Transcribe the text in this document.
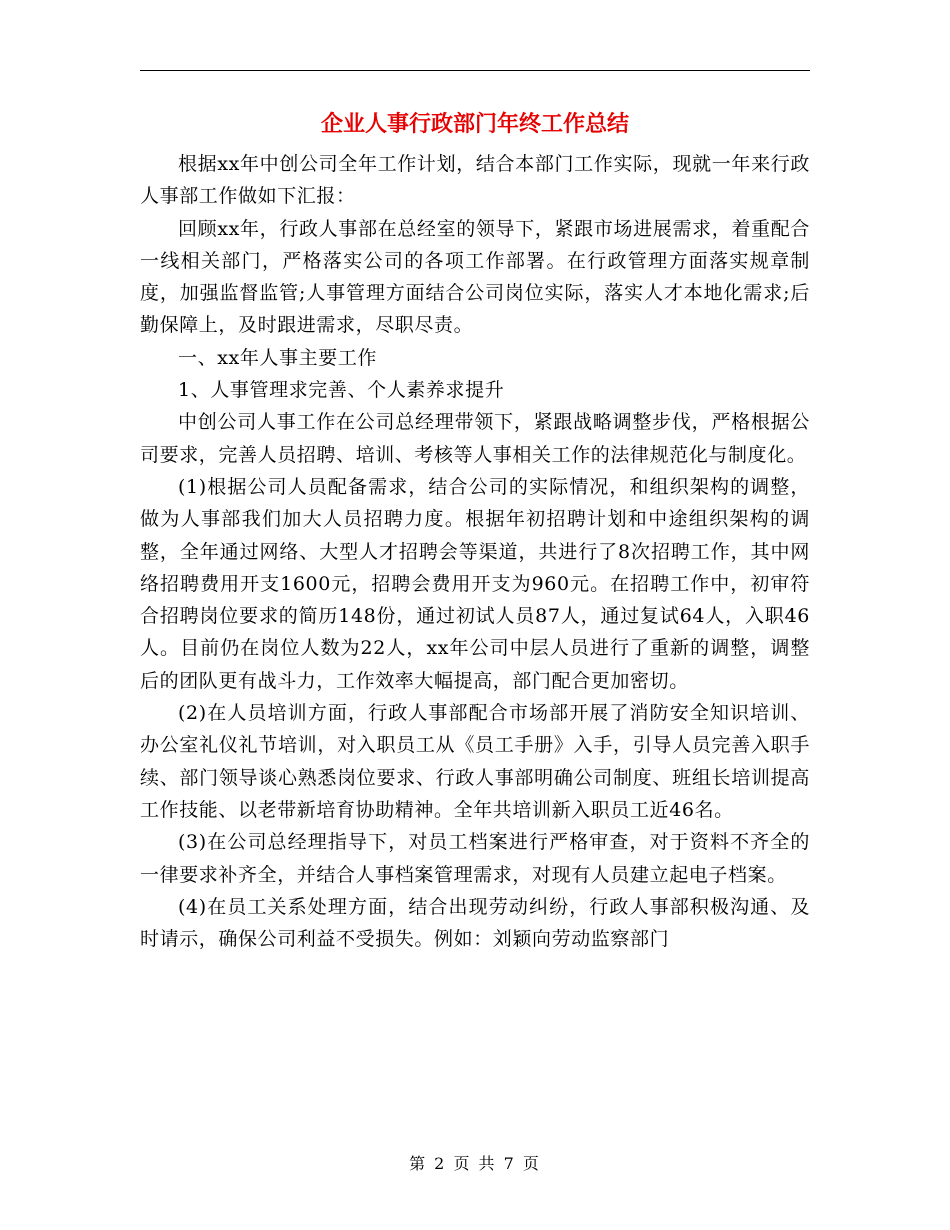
企业人事行政部门年终工作总结

根据xx年中创公司全年工作计划，结合本部门工作实际，现就一年来行政人事部工作做如下汇报：

回顾xx年，行政人事部在总经室的领导下，紧跟市场进展需求，着重配合一线相关部门，严格落实公司的各项工作部署。在行政管理方面落实规章制度，加强监督监管;人事管理方面结合公司岗位实际，落实人才本地化需求;后勤保障上，及时跟进需求，尽职尽责。

一、xx年人事主要工作

1、人事管理求完善、个人素养求提升

中创公司人事工作在公司总经理带领下，紧跟战略调整步伐，严格根据公司要求，完善人员招聘、培训、考核等人事相关工作的法律规范化与制度化。

(1)根据公司人员配备需求，结合公司的实际情况，和组织架构的调整，做为人事部我们加大人员招聘力度。根据年初招聘计划和中途组织架构的调整，全年通过网络、大型人才招聘会等渠道，共进行了8次招聘工作，其中网络招聘费用开支1600元，招聘会费用开支为960元。在招聘工作中，初审符合招聘岗位要求的简历148份，通过初试人员87人，通过复试64人，入职46人。目前仍在岗位人数为22人，xx年公司中层人员进行了重新的调整，调整后的团队更有战斗力，工作效率大幅提高，部门配合更加密切。

(2)在人员培训方面，行政人事部配合市场部开展了消防安全知识培训、办公室礼仪礼节培训，对入职员工从《员工手册》入手，引导人员完善入职手续、部门领导谈心熟悉岗位要求、行政人事部明确公司制度、班组长培训提高工作技能、以老带新培育协助精神。全年共培训新入职员工近46名。

(3)在公司总经理指导下，对员工档案进行严格审查，对于资料不齐全的一律要求补齐全，并结合人事档案管理需求，对现有人员建立起电子档案。

(4)在员工关系处理方面，结合出现劳动纠纷，行政人事部积极沟通、及时请示，确保公司利益不受损失。例如：刘颖向劳动监察部门

第 2 页 共 7 页
